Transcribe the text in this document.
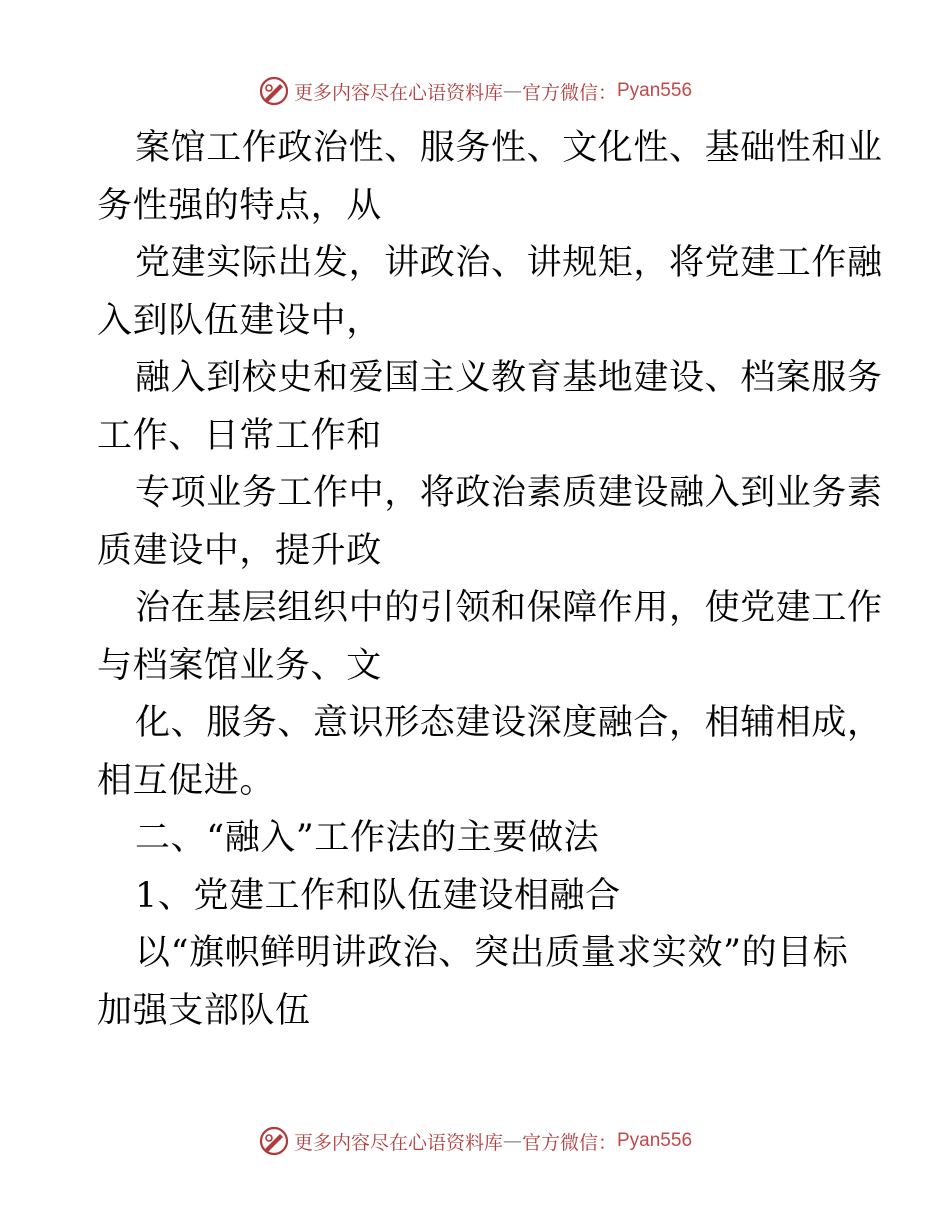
更多内容尽在心语资料库 — 官方微信： Pyan556
案馆工作政治性、服务性、文化性、基础性和业
务性强的特点，从
党建实际出发，讲政治、讲规矩，将党建工作融
入到队伍建设中，
融入到校史和爱国主义教育基地建设、档案服务
工作、日常工作和
专项业务工作中，将政治素质建设融入到业务素
质建设中，提升政
治在基层组织中的引领和保障作用，使党建工作
与档案馆业务、文
化、服务、意识形态建设深度融合，相辅相成，
相互促进。
二、“融入”工作法的主要做法
1、党建工作和队伍建设相融合
以“旗帜鲜明讲政治、突出质量求实效”的目标
加强支部队伍
更多内容尽在心语资料库 — 官方微信： Pyan556
